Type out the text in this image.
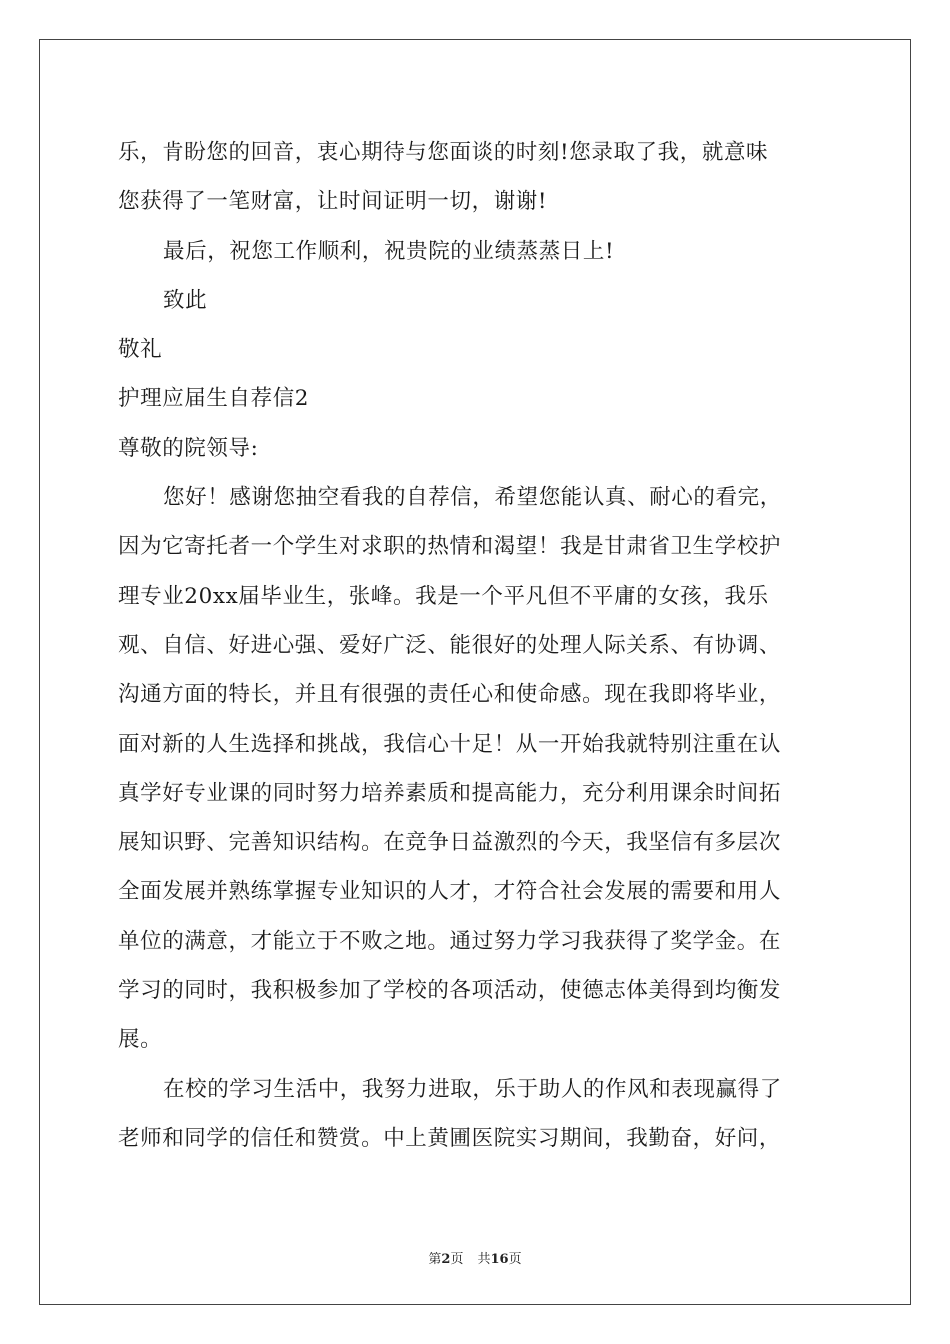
乐，肯盼您的回音，衷心期待与您面谈的时刻!您录取了我，就意味
您获得了一笔财富，让时间证明一切，谢谢!
最后，祝您工作顺利，祝贵院的业绩蒸蒸日上!
致此
敬礼
护理应届生自荐信2
尊敬的院领导:
您好！感谢您抽空看我的自荐信，希望您能认真、耐心的看完，
因为它寄托者一个学生对求职的热情和渴望！我是甘肃省卫生学校护
理专业20xx届毕业生，张峰。我是一个平凡但不平庸的女孩，我乐
观、自信、好进心强、爱好广泛、能很好的处理人际关系、有协调、
沟通方面的特长，并且有很强的责任心和使命感。现在我即将毕业，
面对新的人生选择和挑战，我信心十足！从一开始我就特别注重在认
真学好专业课的同时努力培养素质和提高能力，充分利用课余时间拓
展知识野、完善知识结构。在竞争日益激烈的今天，我坚信有多层次
全面发展并熟练掌握专业知识的人才，才符合社会发展的需要和用人
单位的满意，才能立于不败之地。通过努力学习我获得了奖学金。在
学习的同时，我积极参加了学校的各项活动，使德志体美得到均衡发
展。
在校的学习生活中，我努力进取，乐于助人的作风和表现赢得了
老师和同学的信任和赞赏。中上黄圃医院实习期间，我勤奋，好问，
第2页 共16页
